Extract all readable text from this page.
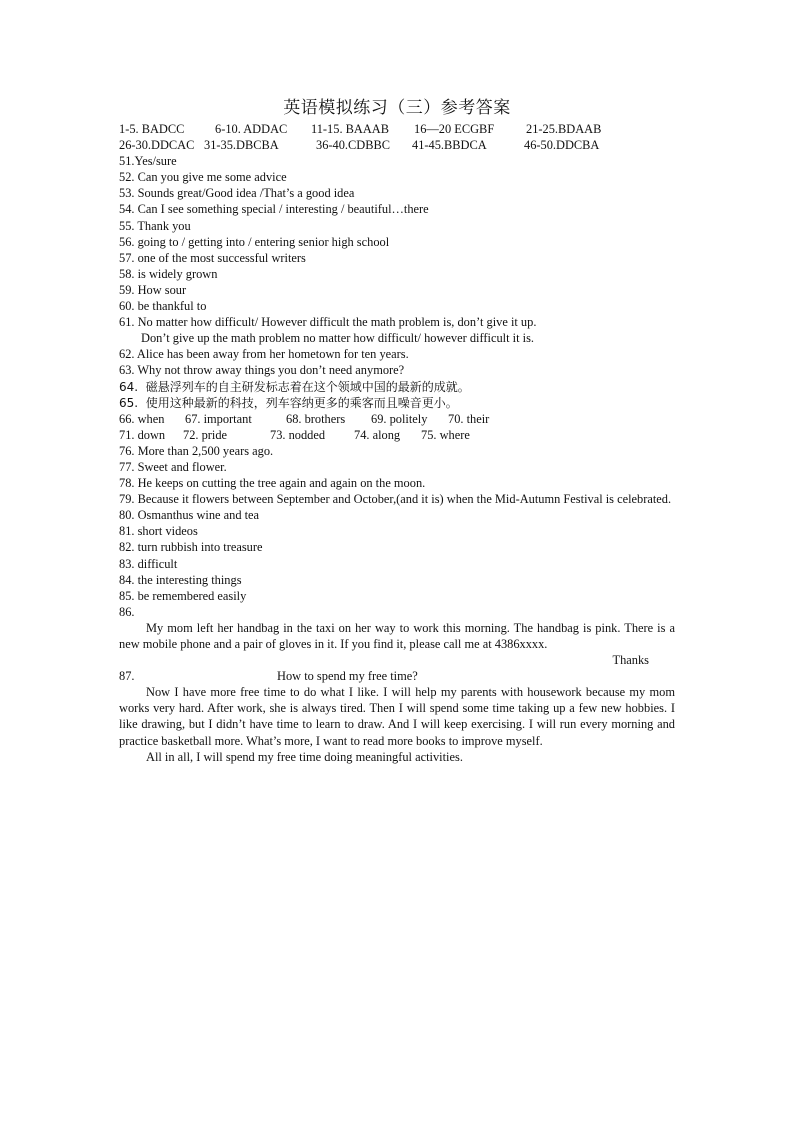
英语模拟练习（三）参考答案
1-5. BADCC	6-10. ADDAC	11-15. BAAAB	16—20 ECGBF	21-25.BDAAB
26-30.DDCAC 31-35.DBCBA	36-40.CDBBC	41-45.BBDCA	46-50.DDCBA
51.Yes/sure
52. Can you give me some advice
53. Sounds great/Good idea /That’s a good idea
54. Can I see something special / interesting / beautiful…there
55. Thank you
56. going to / getting into / entering senior high school
57. one of the most successful writers
58. is widely grown
59. How sour
60. be thankful to
61. No matter how difficult/ However difficult the math problem is, don’t give it up.
Don’t give up the math problem no matter how difficult/ however difficult it is.
62. Alice has been away from her hometown for ten years.
63. Why not throw away things you don’t need anymore?
64.  磁悬浮列车的自主研发标志着在这个领域中国的最新的成就。
65.  使用这种最新的科技，列车容纳更多的乘客而且噪音更小。
66. when	67. important	68. brothers	69. politely	70. their
71. down	72. pride	73. nodded	74. along	75. where
76. More than 2,500 years ago.
77. Sweet and flower.
78. He keeps on cutting the tree again and again on the moon.
79. Because it flowers between September and October,(and it is) when the Mid-Autumn Festival is celebrated.
80. Osmanthus wine and tea
81. short videos
82. turn rubbish into treasure
83. difficult
84. the interesting things
85. be remembered easily
86.
My mom left her handbag in the taxi on her way to work this morning. The handbag is pink. There is a new mobile phone and a pair of gloves in it. If you find it, please call me at 4386xxxx.
Thanks
87.	How to spend my free time?
Now I have more free time to do what I like. I will help my parents with housework because my mom works very hard. After work, she is always tired. Then I will spend some time taking up a few new hobbies. I like drawing, but I didn’t have time to learn to draw. And I will keep exercising. I will run every morning and practice basketball more. What’s more, I want to read more books to improve myself.
All in all, I will spend my free time doing meaningful activities.
